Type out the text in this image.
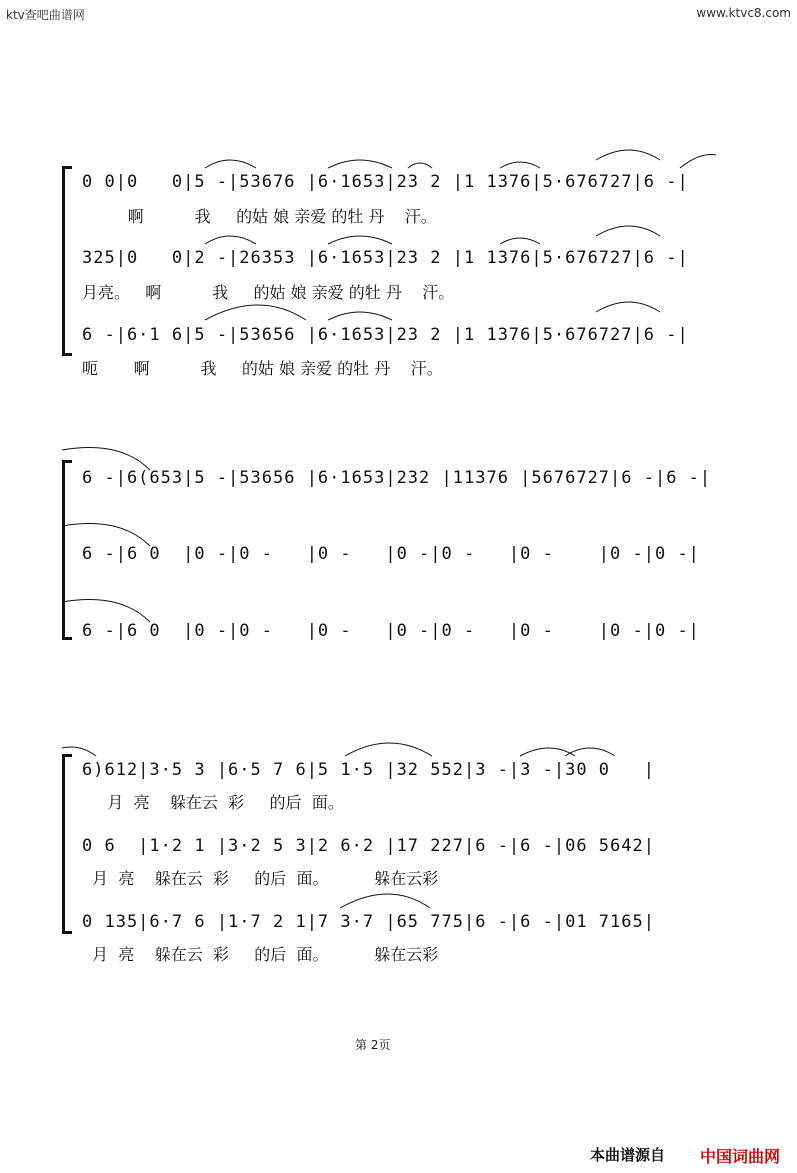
ktv查吧曲谱网	www.ktvc8.com
0 0|0   0|5 -|53676 |6·1653|23 2 |1 1376|5·676727|6 -|
啊          我     的姑 娘 亲爱 的牡 丹    汗。
325|0   0|2 -|26353 |6·1653|23 2 |1 1376|5·676727|6 -|
月亮。   啊          我     的姑 娘 亲爱 的牡 丹    汗。
6 -|6·1 6|5 -|53656 |6·1653|23 2 |1 1376|5·676727|6 -|
呃       啊          我     的姑 娘 亲爱 的牡 丹    汗。
6 -|6(653|5 -|53656 |6·1653|232 |11376 |5676727|6 -|6 -|
6 -|6 0  |0 -|0 -   |0 -   |0 -|0 -   |0 -    |0 -|0 -|
6 -|6 0  |0 -|0 -   |0 -   |0 -|0 -   |0 -    |0 -|0 -|
6)612|3·5 3 |6·5 7 6|5 1·5 |32 552|3 -|3 -|30 0   |
月  亮    躲在云  彩     的后  面。
0 6  |1·2 1 |3·2 5 3|2 6·2 |17 227|6 -|6 -|06 5642|
月  亮    躲在云  彩     的后  面。         躲在云彩
0 135|6·7 6 |1·7 2 1|7 3·7 |65 775|6 -|6 -|01 7165|
月  亮    躲在云  彩     的后  面。         躲在云彩
第 2页
本曲谱源自 中国词曲网
